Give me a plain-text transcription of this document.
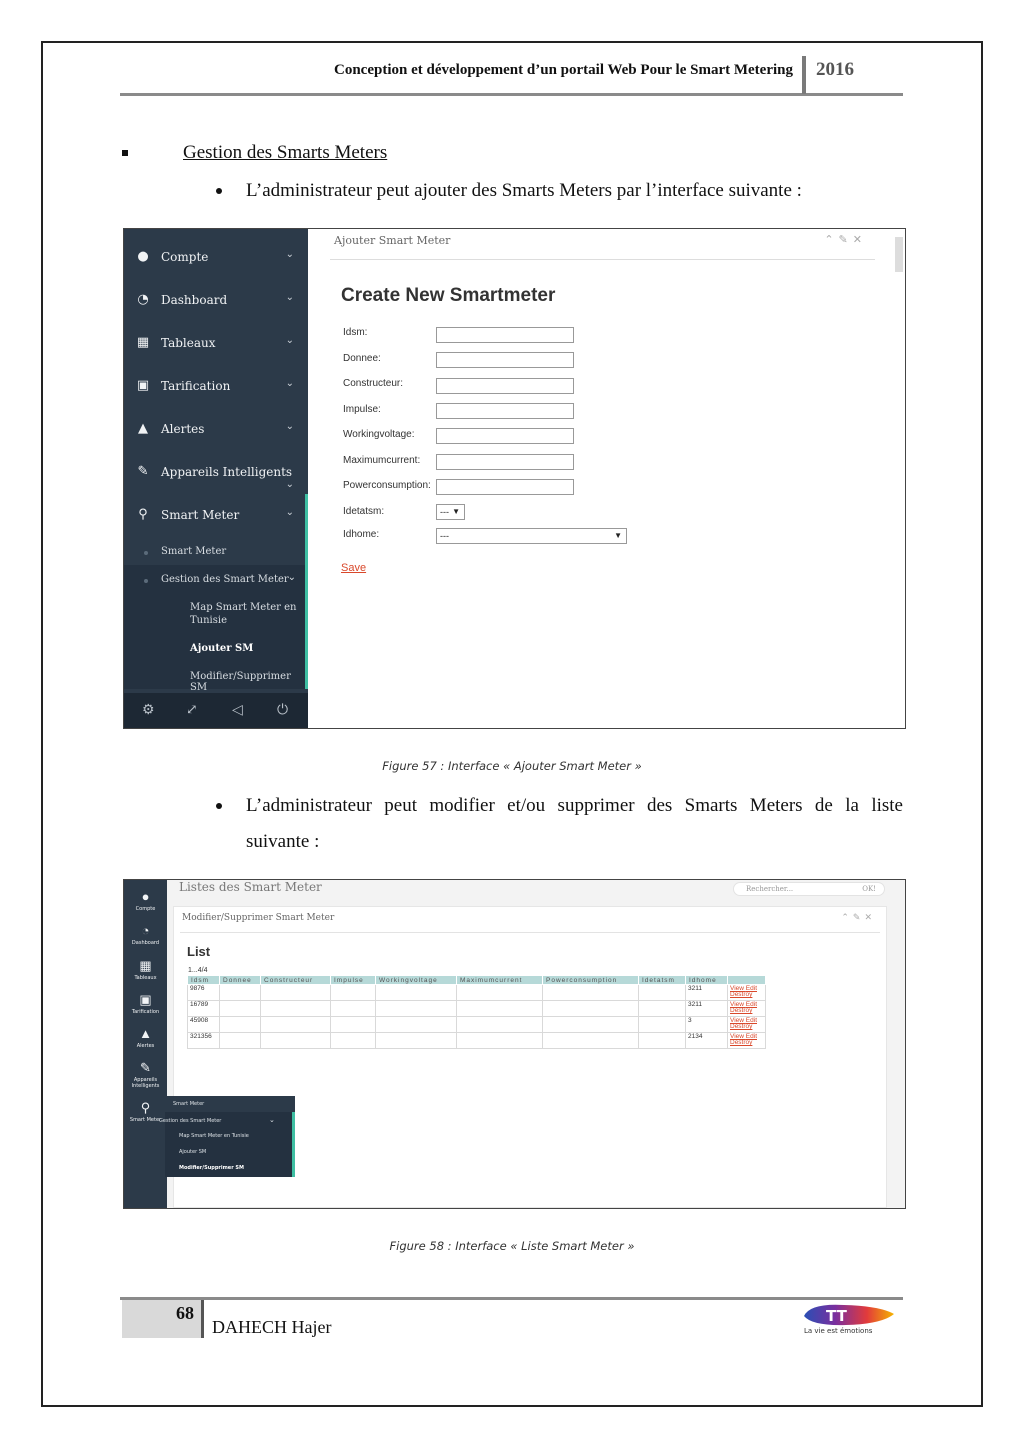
Conception et développement d’un portail Web Pour le Smart Metering 2016
Gestion des Smarts Meters
L’administrateur peut ajouter des Smarts Meters par l’interface suivante :
● Compte	⌄
◔ Dashboard	⌄
▦ Tableaux	⌄
▣ Tarification	⌄
▲ Alertes	⌄
✎ Appareils Intelligents
⌄
⚲ Smart Meter	⌄
Smart Meter
Gestion des Smart Meter
⌄
Map Smart Meter en
Tunisie
Ajouter SM
Modifier/Supprimer SM
⚙ ⤢ ◁ ⏻
Ajouter Smart Meter	⌃✎✕
Create New Smartmeter
Idsm:
Donnee:
Constructeur:
Impulse:
Workingvoltage:
Maximumcurrent:
Powerconsumption:
Idetatsm:	--- ▼
Idhome:	---	▼
Save
Figure 57 : Interface « Ajouter Smart Meter »
L’administrateur peut modifier et/ou supprimer des Smarts Meters de la liste
suivante :
●
Compte
◔
Dashboard
▦
Tableaux
▣
Tarification
▲
Alertes
✎
Appareils
Intelligents
⚲
Smart Meter
Listes des Smart Meter	Rechercher...	OK!
Modifier/Supprimer Smart Meter	⌃✎✕
List
1...4/4
Idsm	Donnee	Constructeur	Impulse	Workingvoltage	Maximumcurrent	Powerconsumption	Idetatsm	Idhome	
9876								3211	View Edit
Destroy
16789								3211	View Edit
Destroy
45908								3	View Edit
Destroy
321356								2134	View Edit
Destroy
Smart Meter
Gestion des Smart Meter	⌄
Map Smart Meter en Tunisie
Ajouter SM
Modifier/Supprimer SM
Figure 58 : Interface « Liste Smart Meter »
68
DAHECH Hajer
TT
La vie est émotions
